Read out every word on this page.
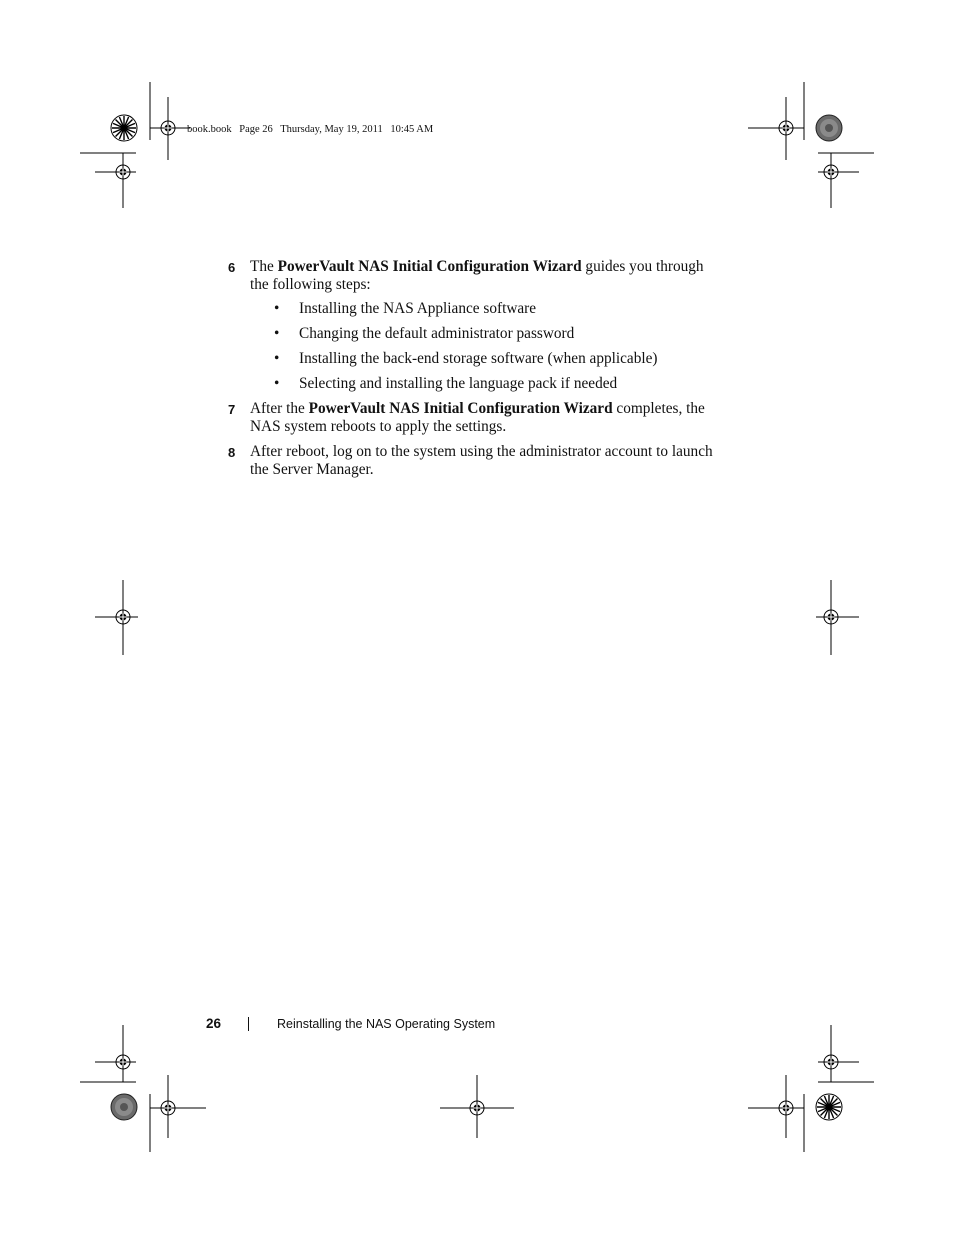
book.book Page 26 Thursday, May 19, 2011 10:45 AM
6 The PowerVault NAS Initial Configuration Wizard guides you through the following steps:
• Installing the NAS Appliance software
• Changing the default administrator password
• Installing the back-end storage software (when applicable)
• Selecting and installing the language pack if needed
7 After the PowerVault NAS Initial Configuration Wizard completes, the NAS system reboots to apply the settings.
8 After reboot, log on to the system using the administrator account to launch the Server Manager.
26	Reinstalling the NAS Operating System
